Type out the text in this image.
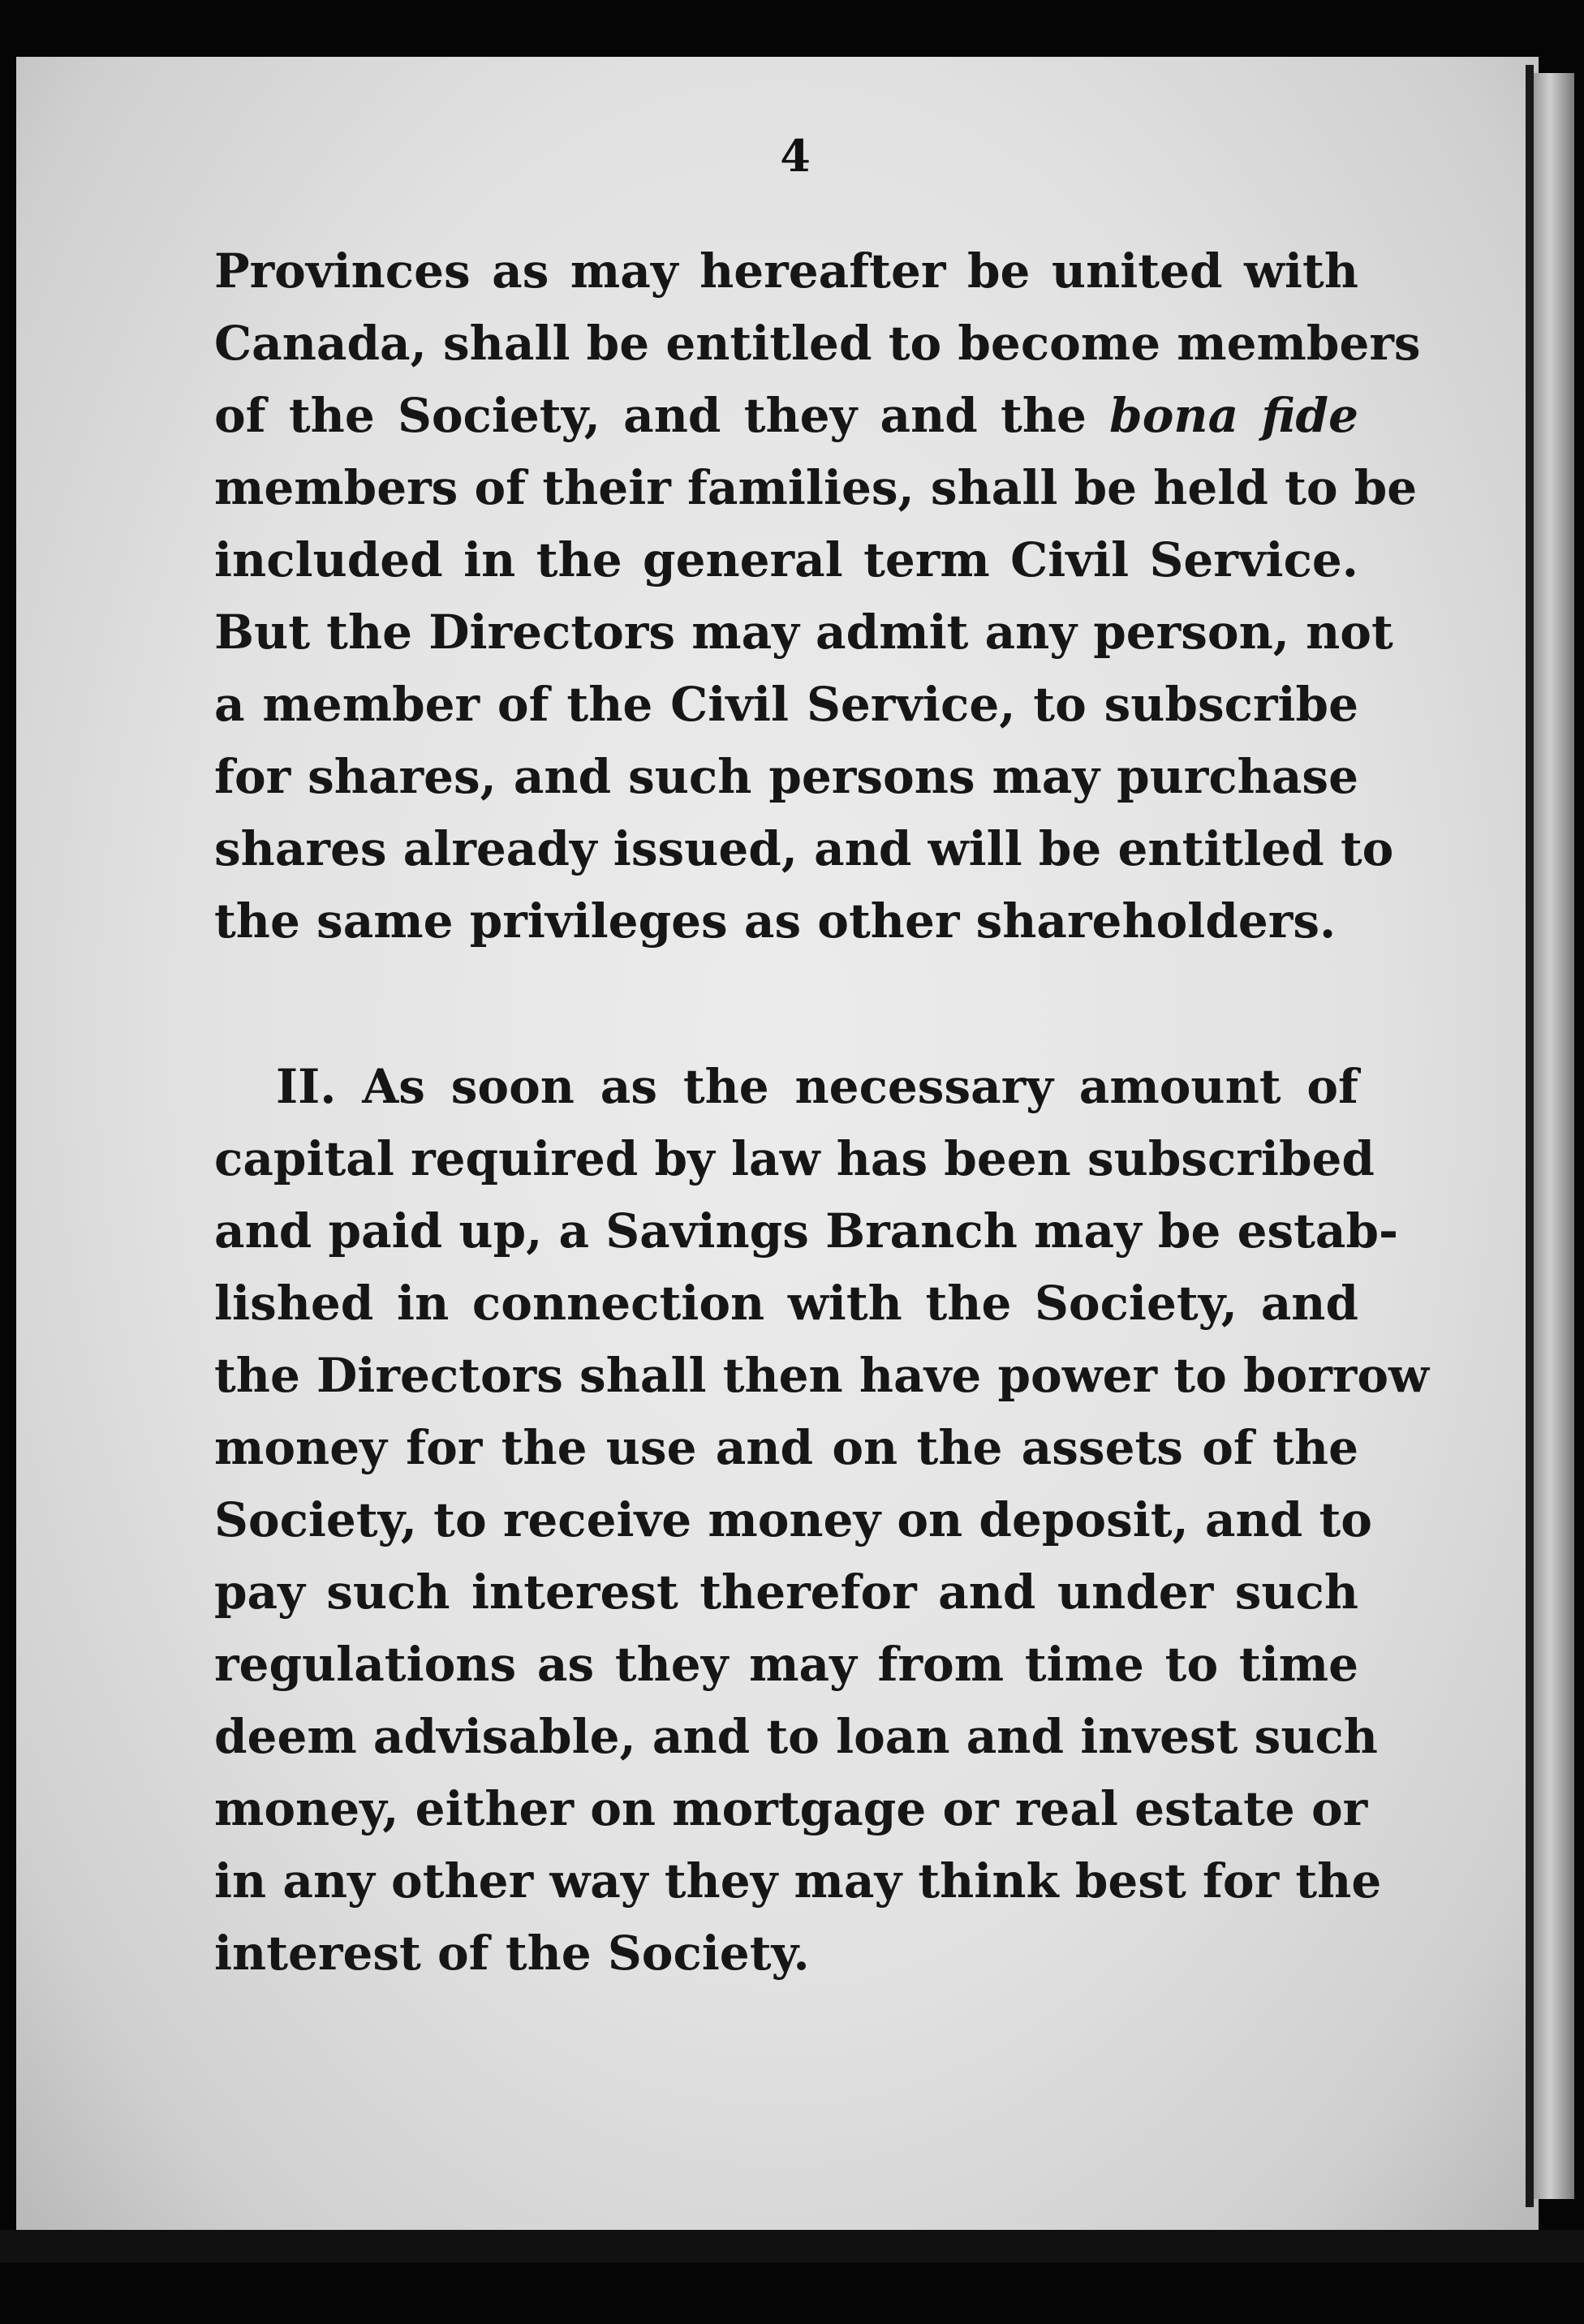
4
Provinces as may hereafter be united with
Canada, shall be entitled to become members
of the Society, and they and the bona fide
members of their families, shall be held to be
included in the general term Civil Service.
But the Directors may admit any person, not
a member of the Civil Service, to subscribe
for shares, and such persons may purchase
shares already issued, and will be entitled to
the same privileges as other shareholders.
II. As soon as the necessary amount of
capital required by law has been subscribed
and paid up, a Savings Branch may be estab-
lished in connection with the Society, and
the Directors shall then have power to borrow
money for the use and on the assets of the
Society, to receive money on deposit, and to
pay such interest therefor and under such
regulations as they may from time to time
deem advisable, and to loan and invest such
money, either on mortgage or real estate or
in any other way they may think best for the
interest of the Society.
